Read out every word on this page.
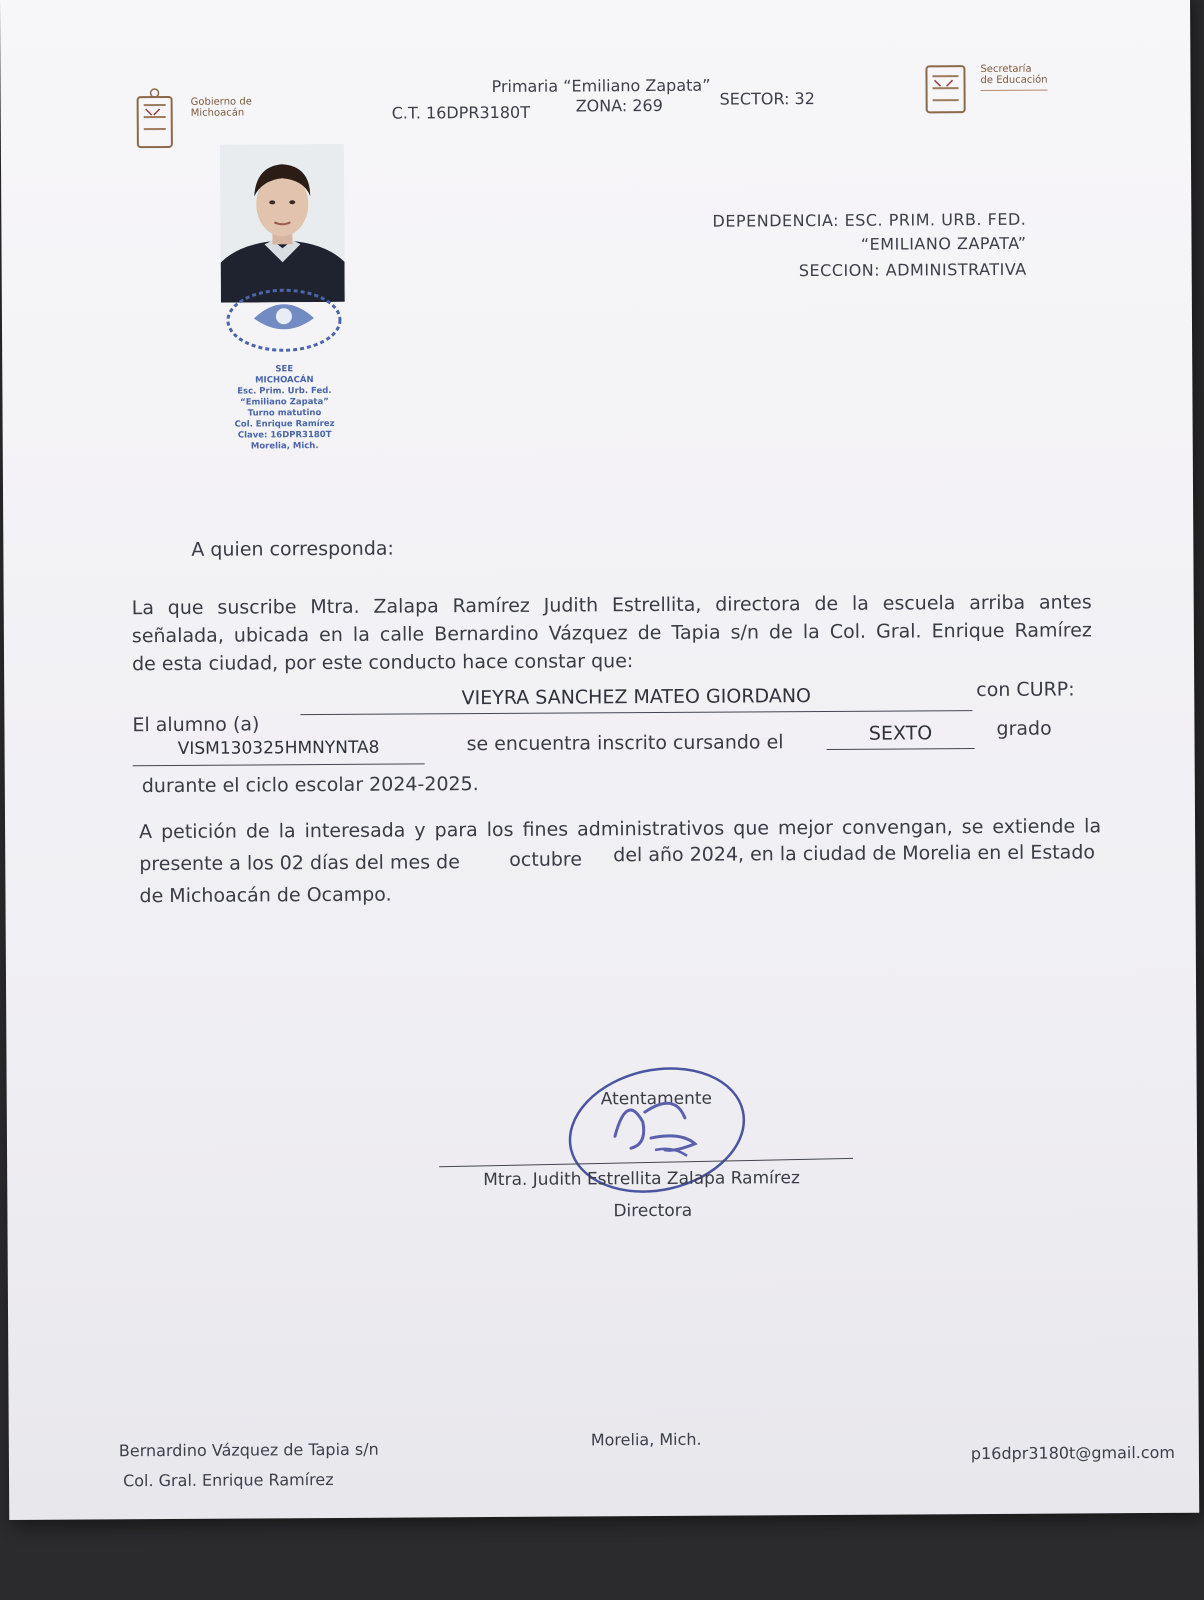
Gobierno de
Michoacán
Primaria “Emiliano Zapata”
C.T. 16DPR3180T	ZONA: 269	SECTOR: 32
Secretaría
de Educación
SEE
MICHOACÁN
Esc. Prim. Urb. Fed.
“Emiliano Zapata”
Turno matutino
Col. Enrique Ramírez
Clave: 16DPR3180T
Morelia, Mich.
DEPENDENCIA: ESC. PRIM. URB. FED.
“EMILIANO ZAPATA”
SECCION: ADMINISTRATIVA
A quien corresponda:
La que suscribe Mtra. Zalapa Ramírez Judith Estrellita, directora de la escuela arriba antes
señalada, ubicada en la calle Bernardino Vázquez de Tapia s/n de la Col. Gral. Enrique Ramírez
de esta ciudad, por este conducto hace constar que:
El alumno (a)
VIEYRA SANCHEZ MATEO GIORDANO	con CURP:
VISM130325HMNYNTA8	se encuentra inscrito cursando el	SEXTO	grado
durante el ciclo escolar 2024-2025.
A petición de la interesada y para los fines administrativos que mejor convengan, se extiende la
presente a los 02 días del mes de	octubre del año 2024, en la ciudad de Morelia en el Estado
de Michoacán de Ocampo.
Atentamente
Mtra. Judith Estrellita Zalapa Ramírez
Directora
Bernardino Vázquez de Tapia s/n
Col. Gral. Enrique Ramírez
Morelia, Mich.
p16dpr3180t@gmail.com
